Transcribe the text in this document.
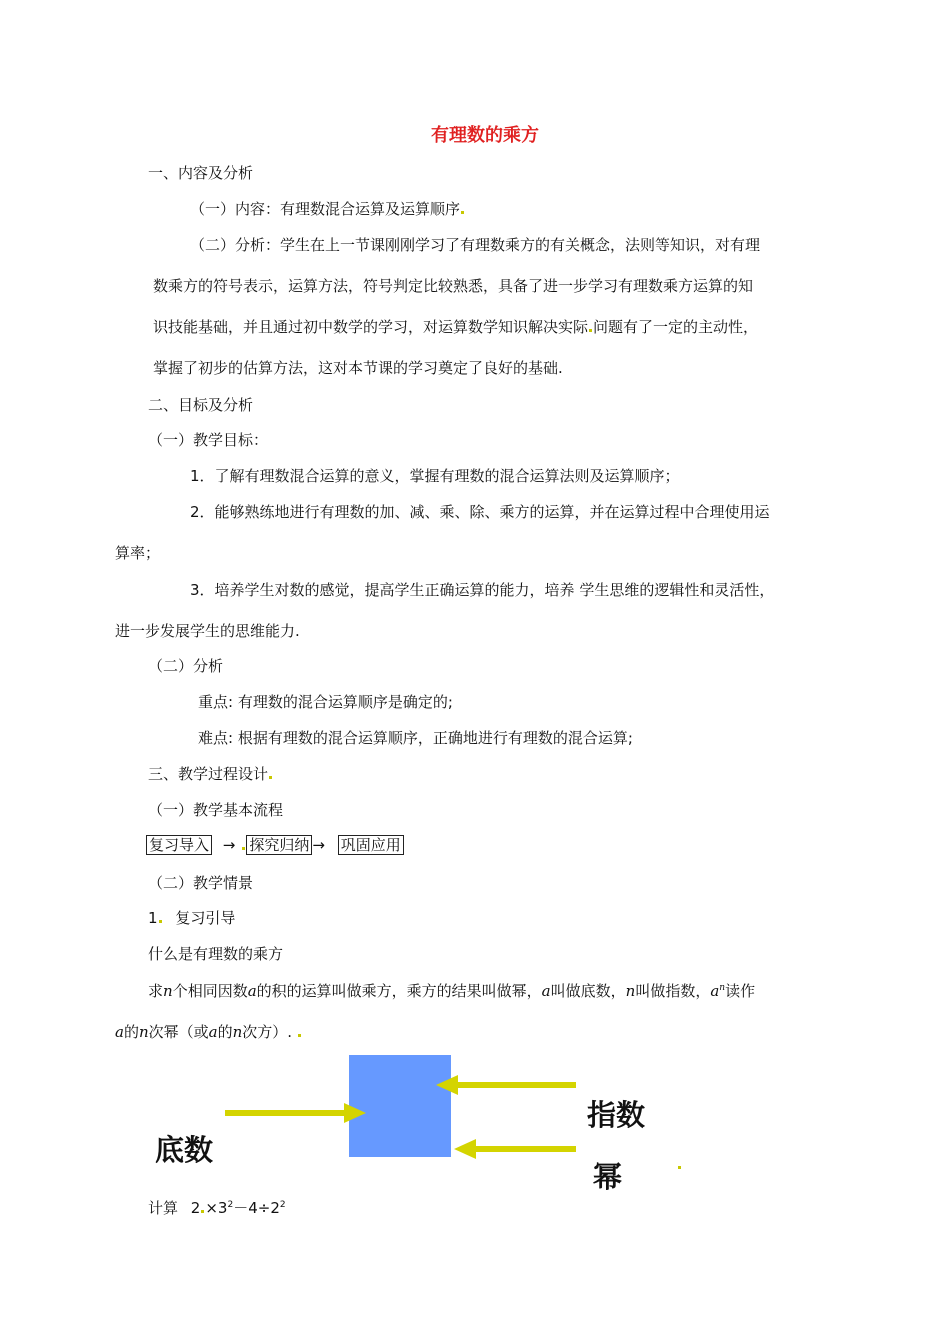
有理数的乘方
一、内容及分析
（一）内容：有理数混合运算及运算顺序
（二）分析：学生在上一节课刚刚学习了有理数乘方的有关概念，法则等知识，对有理
数乘方的符号表示，运算方法，符号判定比较熟悉，具备了进一步学习有理数乘方运算的知
识技能基础，并且通过初中数学的学习，对运算数学知识解决实际 问题有了一定的主动性，
掌握了初步的估算方法，这对本节课的学习奠定了良好的基础.
二、目标及分析
（一）教学目标：
1．了解有理数混合运算的意义，掌握有理数的混合运算法则及运算顺序；
2．能够熟练地进行有理数的加、减、乘、除、乘方的运算，并在运算过程中合理使用运
算率；
3．培养学生对数的感觉，提高学生正确运算的能力，培养 学生思维的逻辑性和灵活性，
进一步发展学生的思维能力.
（二）分析
重点: 有理数的混合运算顺序是确定的;
难点: 根据有理数的混合运算顺序，正确地进行有理数的混合运算;
三、教学过程设计
（一）教学基本流程
复习导入 → 探究归纳 → 巩固应用
（二）教学情景
1 复习引导
什么是有理数的乘方
求n个相同因数a的积的运算叫做乘方，乘方的结果叫做幂，a叫做底数，n叫做指数，$a^n$读作
a的n次幂（或a的n次方）.
底数
指数
幂
计算 $2 \times 3^2-4\div 2^2$
